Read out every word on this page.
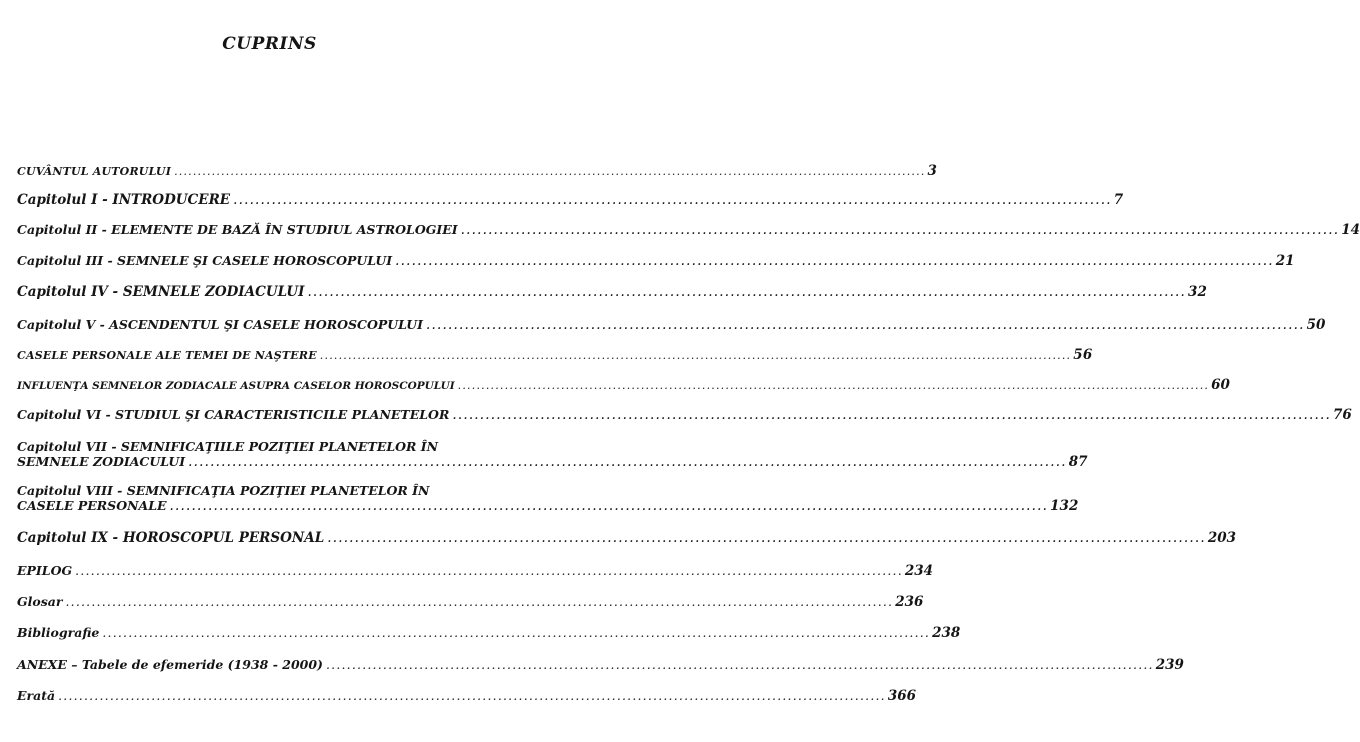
CUPRINS
CUVÂNTUL AUTORULUI ................................................................................................................................................................ 3
Capitolul I - INTRODUCERE ................................................................................................................................................................ 7
Capitolul II - ELEMENTE DE BAZĂ ÎN STUDIUL ASTROLOGIEI ................................................................................................................................................................ 14
Capitolul III - SEMNELE ŞI CASELE HOROSCOPULUI ................................................................................................................................................................ 21
Capitolul IV - SEMNELE ZODIACULUI ................................................................................................................................................................ 32
Capitolul V - ASCENDENTUL ŞI CASELE HOROSCOPULUI ................................................................................................................................................................ 50
CASELE PERSONALE ALE TEMEI DE NAŞTERE ................................................................................................................................................................ 56
INFLUENŢA SEMNELOR ZODIACALE ASUPRA CASELOR HOROSCOPULUI ................................................................................................................................................................ 60
Capitolul VI - STUDIUL ŞI CARACTERISTICILE PLANETELOR ................................................................................................................................................................ 76
Capitolul VII - SEMNIFICAŢIILE POZIŢIEI PLANETELOR ÎN
SEMNELE ZODIACULUI ................................................................................................................................................................ 87
Capitolul VIII - SEMNIFICAŢIA POZIŢIEI PLANETELOR ÎN
CASELE PERSONALE ................................................................................................................................................................ 132
Capitolul IX - HOROSCOPUL PERSONAL ................................................................................................................................................................ 203
EPILOG ................................................................................................................................................................ 234
Glosar ................................................................................................................................................................ 236
Bibliografie ................................................................................................................................................................ 238
ANEXE – Tabele de efemeride (1938 - 2000) ................................................................................................................................................................ 239
Erată ................................................................................................................................................................ 366
